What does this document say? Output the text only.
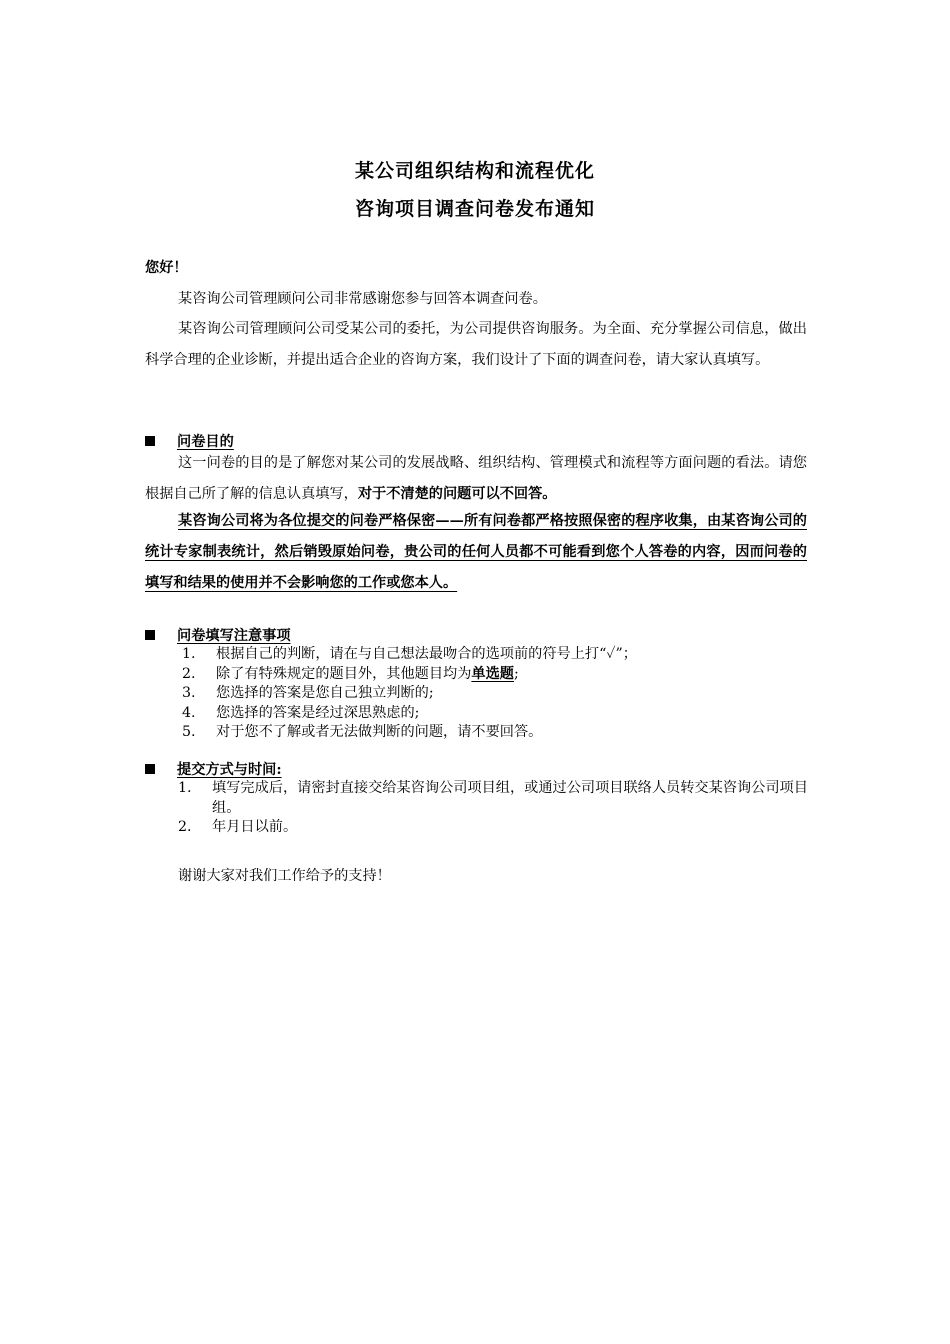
某公司组织结构和流程优化
咨询项目调查问卷发布通知
您好！

某咨询公司管理顾问公司非常感谢您参与回答本调查问卷。

某咨询公司管理顾问公司受某公司的委托，为公司提供咨询服务。为全面、充分掌握公司信息，做出科学合理的企业诊断，并提出适合企业的咨询方案，我们设计了下面的调查问卷，请大家认真填写。

问卷目的

这一问卷的目的是了解您对某公司的发展战略、组织结构、管理模式和流程等方面问题的看法。请您根据自己所了解的信息认真填写，对于不清楚的问题可以不回答。

某咨询公司将为各位提交的问卷严格保密——所有问卷都严格按照保密的程序收集，由某咨询公司的统计专家制表统计，然后销毁原始问卷，贵公司的任何人员都不可能看到您个人答卷的内容，因而问卷的填写和结果的使用并不会影响您的工作或您本人。

问卷填写注意事项
1.	根据自己的判断，请在与自己想法最吻合的选项前的符号上打“✓”；
2.	除了有特殊规定的题目外，其他题目均为单选题;
3.	您选择的答案是您自己独立判断的;
4.	您选择的答案是经过深思熟虑的;
5.	对于您不了解或者无法做判断的问题，请不要回答。
提交方式与时间:
1.	填写完成后，请密封直接交给某咨询公司项目组，或通过公司项目联络人员转交某咨询公司项目组。
2.	年月日以前。
谢谢大家对我们工作给予的支持！
